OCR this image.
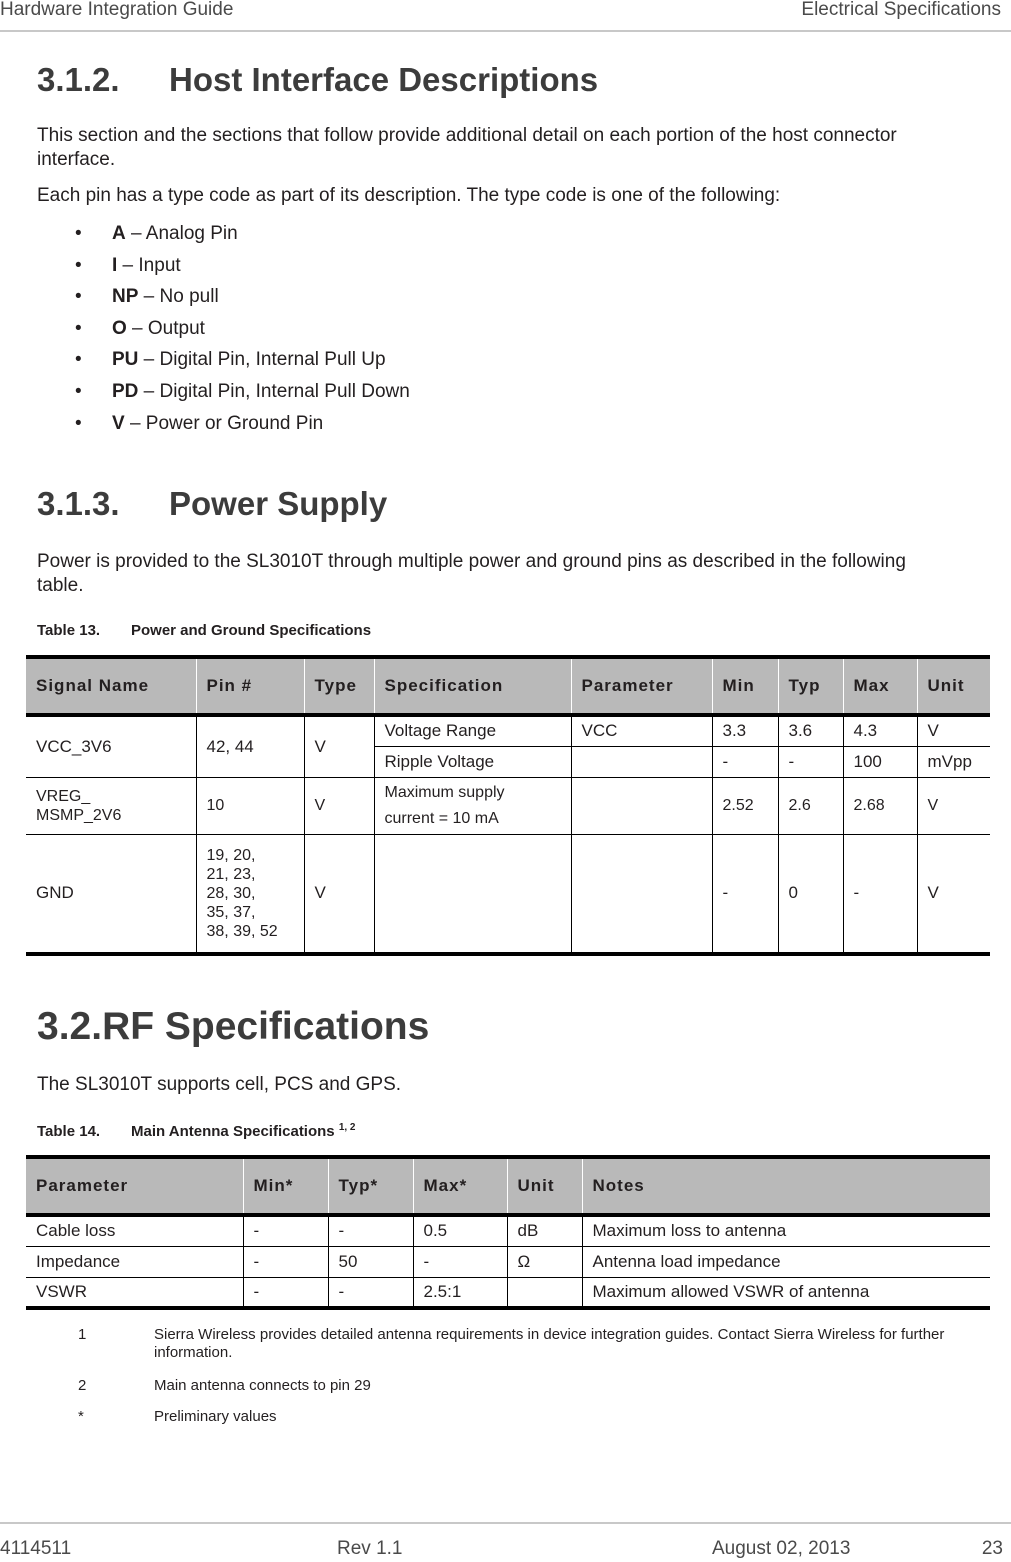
Hardware Integration Guide	Electrical Specifications
3.1.2. Host Interface Descriptions
This section and the sections that follow provide additional detail on each portion of the host connector interface.
Each pin has a type code as part of its description. The type code is one of the following:
• A – Analog Pin
• I – Input
• NP – No pull
• O – Output
• PU – Digital Pin, Internal Pull Up
• PD – Digital Pin, Internal Pull Down
• V – Power or Ground Pin
3.1.3. Power Supply
Power is provided to the SL3010T through multiple power and ground pins as described in the following table.
Table 13. Power and Ground Specifications
Signal Name	Pin #	Type	Specification	Parameter	Min	Typ	Max	Unit
VCC_3V6	42, 44	V	Voltage Range	VCC	3.3	3.6	4.3	V
			Ripple Voltage		-	-	100	mVpp
VREG_
MSMP_2V6	10	V	Maximum supply
current = 10 mA		2.52	2.6	2.68	V
GND	19, 20,
21, 23,
28, 30,
35, 37,
38, 39, 52	V			-	0	-	V
3.2.RF Specifications
The SL3010T supports cell, PCS and GPS.
Table 14. Main Antenna Specifications $^{1, 2}$
Parameter	Min*	Typ*	Max*	Unit	Notes
Cable loss	-	-	0.5	dB	Maximum loss to antenna
Impedance	-	50	-	Ω	Antenna load impedance
VSWR	-	-	2.5:1		Maximum allowed VSWR of antenna
1	Sierra Wireless provides detailed antenna requirements in device integration guides. Contact Sierra Wireless for further information.
2	Main antenna connects to pin 29
*	Preliminary values
4114511	Rev 1.1	August 02, 2013	23
